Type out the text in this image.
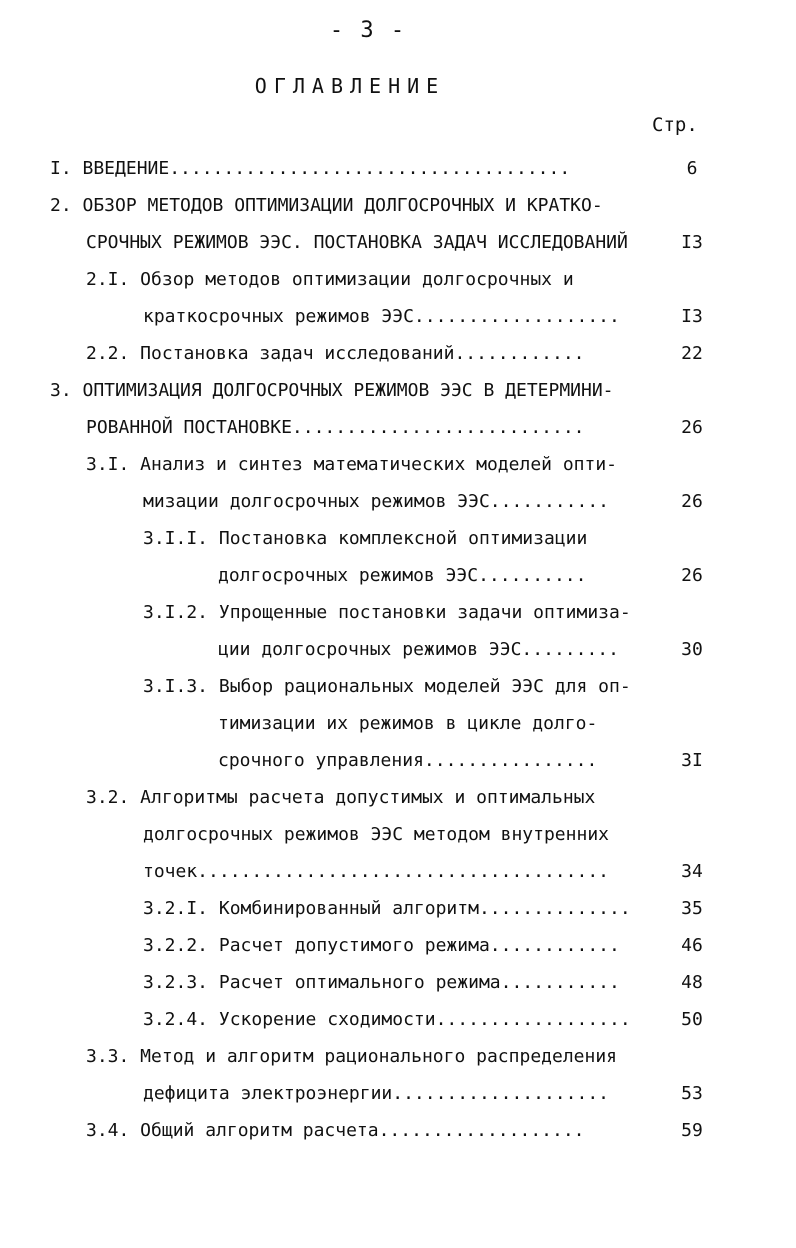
- 3 -
ОГЛАВЛЕНИЕ
Стр.
I. ВВЕДЕНИЕ.....................................	6
2. ОБЗОР МЕТОДОВ ОПТИМИЗАЦИИ ДОЛГОСРОЧНЫХ И КРАТКО-
СРОЧНЫХ РЕЖИМОВ ЭЭС. ПОСТАНОВКА ЗАДАЧ ИССЛЕДОВАНИЙ	I3
2.I. Обзор методов оптимизации долгосрочных и
краткосрочных режимов ЭЭС...................	I3
2.2. Постановка задач исследований............	22
3. ОПТИМИЗАЦИЯ ДОЛГОСРОЧНЫХ РЕЖИМОВ ЭЭС В ДЕТЕРМИНИ-
РОВАННОЙ ПОСТАНОВКЕ...........................	26
3.I. Анализ и синтез математических моделей опти-
мизации долгосрочных режимов ЭЭС...........	26
3.I.I. Постановка комплексной оптимизации
долгосрочных режимов ЭЭС..........	26
3.I.2. Упрощенные постановки задачи оптимиза-
ции долгосрочных режимов ЭЭС.........	30
3.I.3. Выбор рациональных моделей ЭЭС для оп-
тимизации их режимов в цикле долго-
срочного управления................	3I
3.2. Алгоритмы расчета допустимых и оптимальных
долгосрочных режимов ЭЭС методом внутренних
точек......................................	34
3.2.I. Комбинированный алгоритм..............	35
3.2.2. Расчет допустимого режима............	46
3.2.3. Расчет оптимального режима...........	48
3.2.4. Ускорение сходимости..................	50
3.3. Метод и алгоритм рационального распределения
дефицита электроэнергии....................	53
3.4. Общий алгоритм расчета...................	59
